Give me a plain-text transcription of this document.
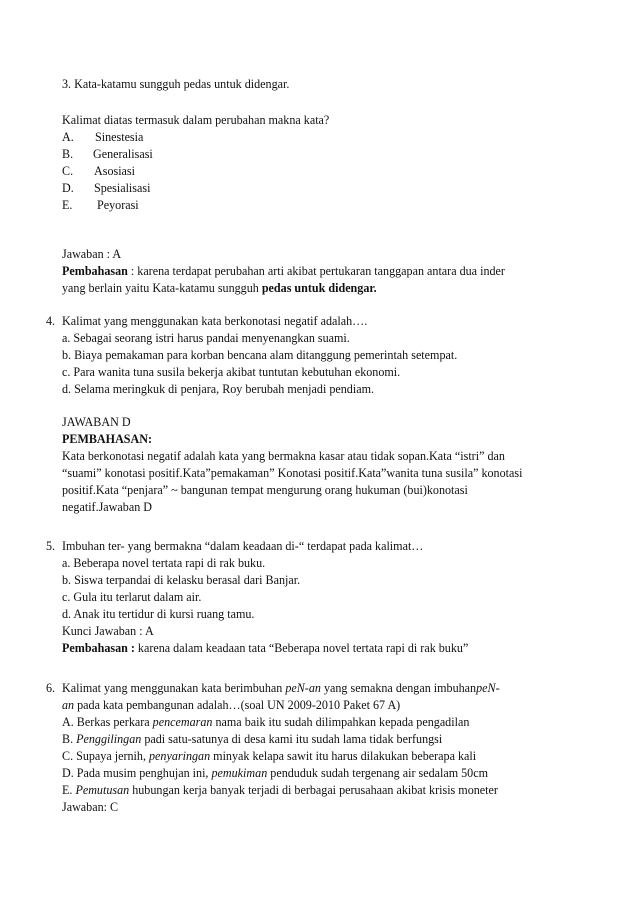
3. Kata-katamu sungguh pedas untuk didengar.
Kalimat diatas termasuk dalam perubahan makna kata?
A. Sinestesia
B. Generalisasi
C. Asosiasi
D. Spesialisasi
E. Peyorasi
Jawaban : A
Pembahasan : karena terdapat perubahan arti akibat pertukaran tanggapan antara dua inder
yang berlain yaitu Kata-katamu sungguh pedas untuk didengar.
4. Kalimat yang menggunakan kata berkonotasi negatif adalah….
a. Sebagai seorang istri harus pandai menyenangkan suami.
b. Biaya pemakaman para korban bencana alam ditanggung pemerintah setempat.
c. Para wanita tuna susila bekerja akibat tuntutan kebutuhan ekonomi.
d. Selama meringkuk di penjara, Roy berubah menjadi pendiam.
JAWABAN D
PEMBAHASAN:
Kata berkonotasi negatif adalah kata yang bermakna kasar atau tidak sopan.Kata “istri” dan
“suami” konotasi positif.Kata”pemakaman” Konotasi positif.Kata”wanita tuna susila” konotasi
positif.Kata “penjara” ~ bangunan tempat mengurung orang hukuman (bui)konotasi
negatif.Jawaban D
5. Imbuhan ter- yang bermakna “dalam keadaan di-“ terdapat pada kalimat…
a. Beberapa novel tertata rapi di rak buku.
b. Siswa terpandai di kelasku berasal dari Banjar.
c. Gula itu terlarut dalam air.
d. Anak itu tertidur di kursi ruang tamu.
Kunci Jawaban : A
Pembahasan : karena dalam keadaan tata “Beberapa novel tertata rapi di rak buku”
6. Kalimat yang menggunakan kata berimbuhan peN-an yang semakna dengan imbuhanpeN-
an pada kata pembangunan adalah…(soal UN 2009-2010 Paket 67 A)
A. Berkas perkara pencemaran nama baik itu sudah dilimpahkan kepada pengadilan
B. Penggilingan padi satu-satunya di desa kami itu sudah lama tidak berfungsi
C. Supaya jernih, penyaringan minyak kelapa sawit itu harus dilakukan beberapa kali
D. Pada musim penghujan ini, pemukiman penduduk sudah tergenang air sedalam 50cm
E. Pemutusan hubungan kerja banyak terjadi di berbagai perusahaan akibat krisis moneter
Jawaban: C
